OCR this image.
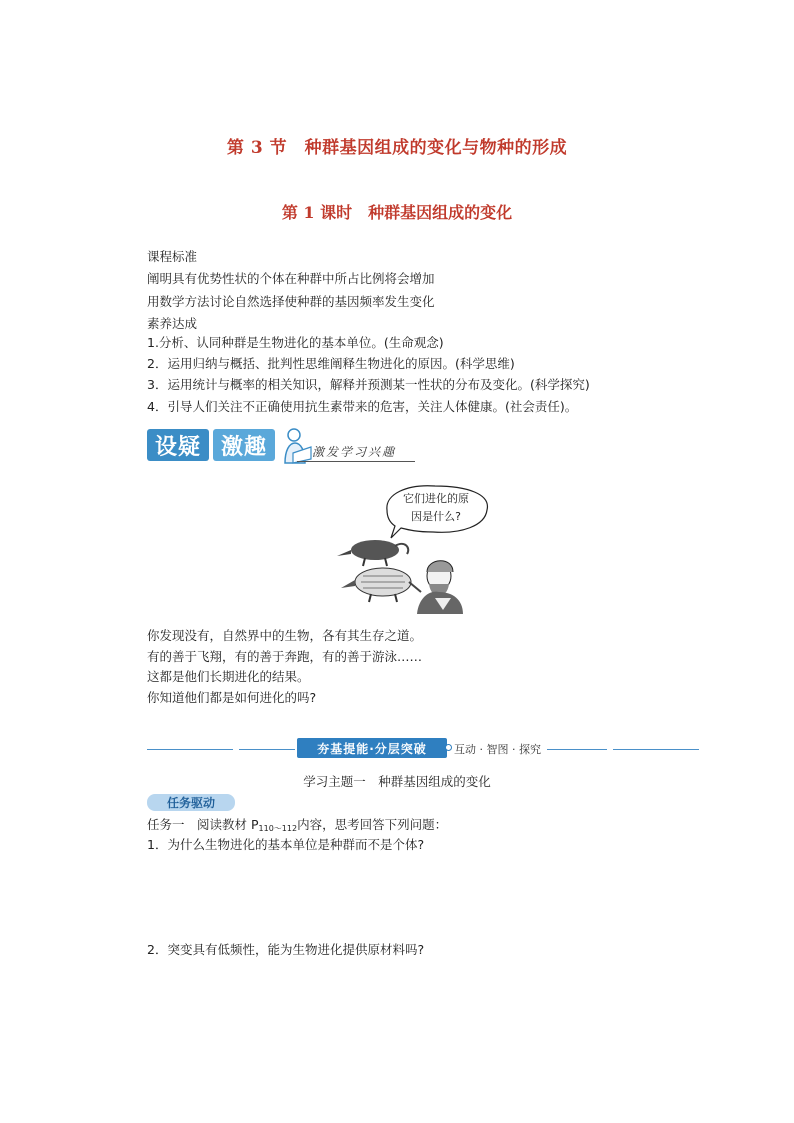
第 3 节　种群基因组成的变化与物种的形成
第 1 课时　种群基因组成的变化
课程标准
阐明具有优势性状的个体在种群中所占比例将会增加
用数学方法讨论自然选择使种群的基因频率发生变化
素养达成
1.分析、认同种群是生物进化的基本单位。(生命观念)
2．运用归纳与概括、批判性思维阐释生物进化的原因。(科学思维)
3．运用统计与概率的相关知识，解释并预测某一性状的分布及变化。(科学探究)
4．引导人们关注不正确使用抗生素带来的危害，关注人体健康。(社会责任)。
设疑 激趣	激发学习兴趣
它们进化的原
因是什么?
你发现没有，自然界中的生物，各有其生存之道。
有的善于飞翔，有的善于奔跑，有的善于游泳……
这都是他们长期进化的结果。
你知道他们都是如何进化的吗?
夯基提能·分层突破	互动 · 智图 · 探究
学习主题一　种群基因组成的变化
任务驱动
任务一　阅读教材 $P_{110\sim 112}$内容，思考回答下列问题：
1．为什么生物进化的基本单位是种群而不是个体?
2．突变具有低频性，能为生物进化提供原材料吗?
